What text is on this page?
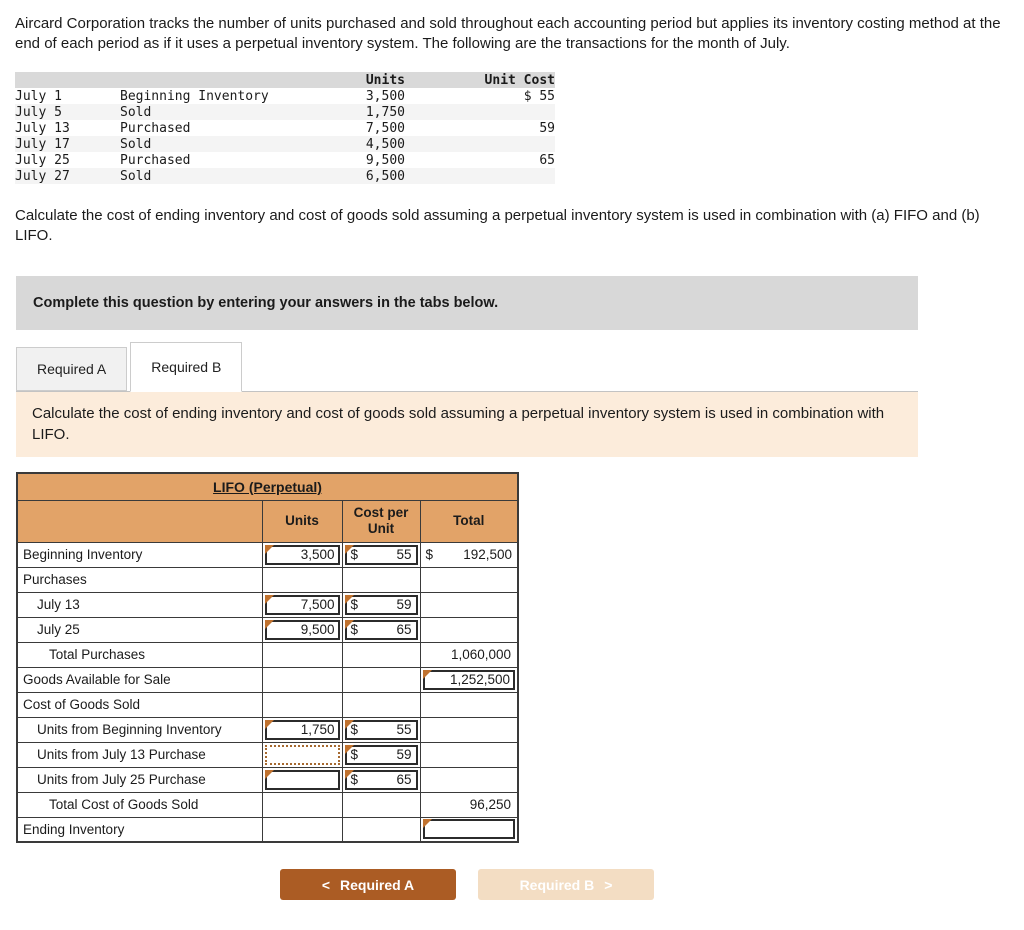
Aircard Corporation tracks the number of units purchased and sold throughout each accounting period but applies its inventory costing method at the end of each period as if it uses a perpetual inventory system. The following are the transactions for the month of July.

		Units	Unit Cost
July 1	Beginning Inventory	3,500	$ 55
July 5	Sold	1,750	
July 13	Purchased	7,500	59
July 17	Sold	4,500	
July 25	Purchased	9,500	65
July 27	Sold	6,500	

Calculate the cost of ending inventory and cost of goods sold assuming a perpetual inventory system is used in combination with (a) FIFO and (b) LIFO.

Complete this question by entering your answers in the tabs below.
Required A	Required B
Calculate the cost of ending inventory and cost of goods sold assuming a perpetual inventory system is used in combination with LIFO.
LIFO (Perpetual)			
	Units	Cost per Unit	Total
Beginning Inventory	3,500	$ 55	$ 192,500

Purchases			
July 13	7,500	$ 59	

July 25	9,500	$ 65	

Total Purchases			1,060,000
Goods Available for Sale			1,252,500

Cost of Goods Sold			
Units from Beginning Inventory	1,750	$ 55	

Units from July 13 Purchase		$ 59	

Units from July 25 Purchase		$ 65	

Total Cost of Goods Sold			96,250
Ending Inventory			
< Required A	Required B >
